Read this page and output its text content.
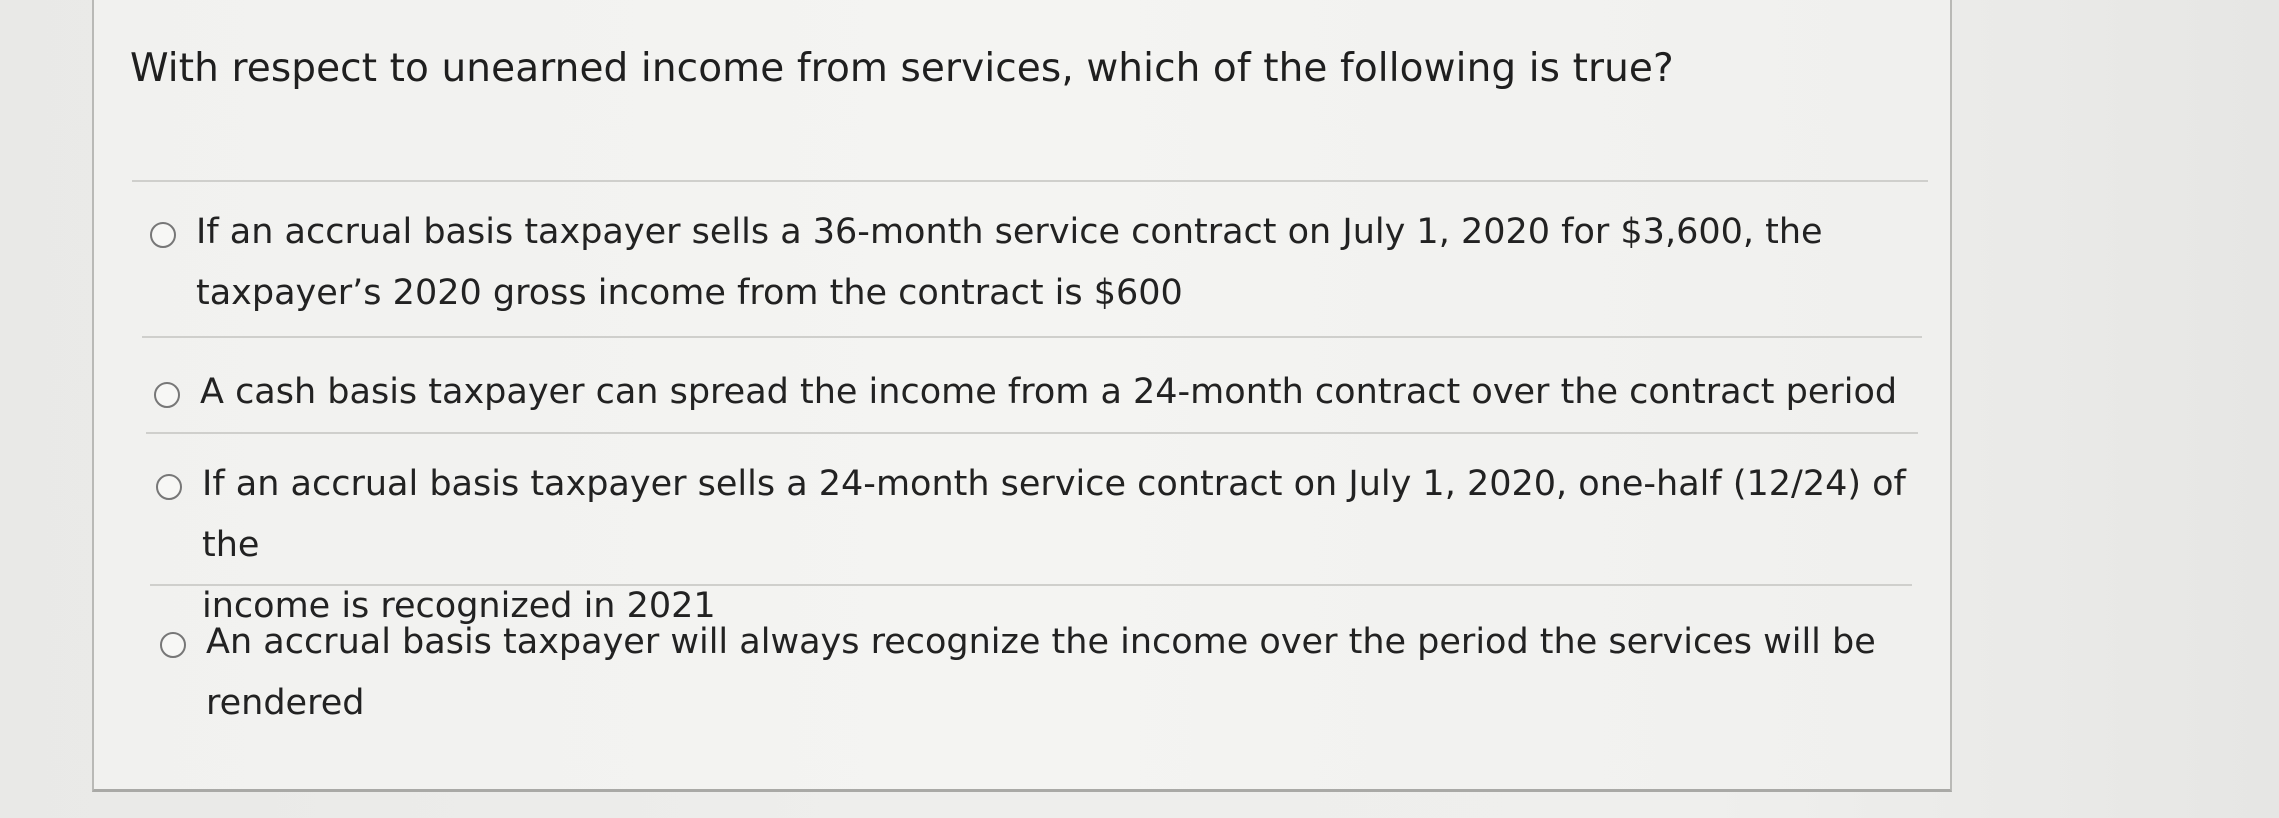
With respect to unearned income from services, which of the following is true?
If an accrual basis taxpayer sells a 36-month service contract on July 1, 2020 for $3,600, the
taxpayer’s 2020 gross income from the contract is $600
A cash basis taxpayer can spread the income from a 24-month contract over the contract period
If an accrual basis taxpayer sells a 24-month service contract on July 1, 2020, one-half (12/24) of the
income is recognized in 2021
An accrual basis taxpayer will always recognize the income over the period the services will be
rendered
